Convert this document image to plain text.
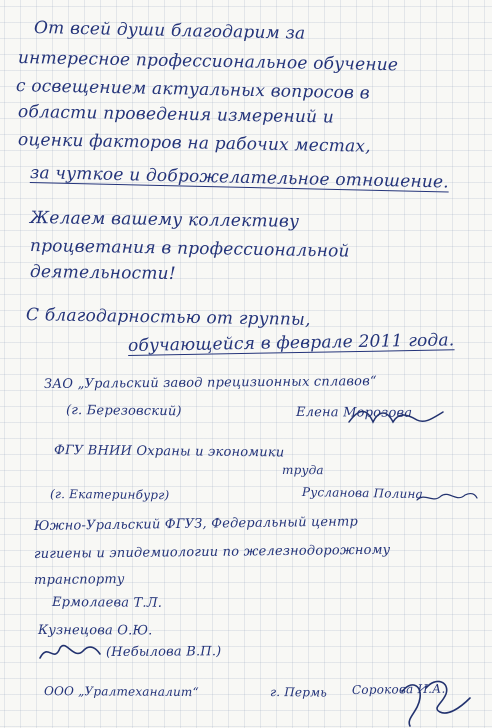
От всей души благодарим за
интересное профессиональное обучение
с освещением актуальных вопросов в
области проведения измерений и
оценки факторов на рабочих местах,
за чуткое и доброжелательное отношение.
Желаем вашему коллективу
процветания в профессиональной
деятельности!
С благодарностью от группы,
обучающейся в феврале 2011 года.
ЗАО „Уральский завод прецизионных сплавов“
(г. Березовский)	Елена Морозова
ФГУ ВНИИ Охраны и экономики
труда
(г. Екатеринбург)	Русланова Полина
Южно-Уральский ФГУЗ, Федеральный центр
гигиены и эпидемиологии по железнодорожному
транспорту
Ермолаева Т.Л.
Кузнецова О.Ю.
(Небылова В.П.)
ООО „Уралтеханалит“	г. Пермь Сорокова И.А.
